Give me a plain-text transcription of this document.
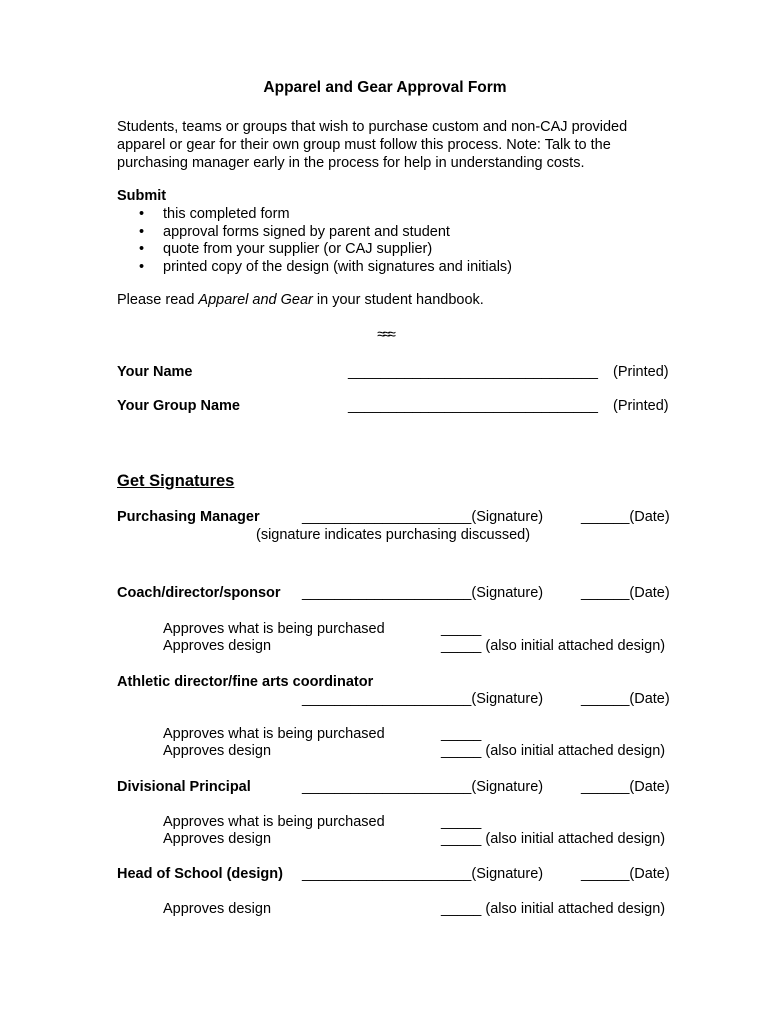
Apparel and Gear Approval Form
Students, teams or groups that wish to purchase custom and non-CAJ provided apparel or gear for their own group must follow this process. Note: Talk to the purchasing manager early in the process for help in understanding costs.
Submit
• this completed form
• approval forms signed by parent and student
• quote from your supplier (or CAJ supplier)
• printed copy of the design (with signatures and initials)
Please read Apparel and Gear in your student handbook.
≈≈≈
Your Name	_______________________________ (Printed)
Your Group Name	_______________________________ (Printed)
Get Signatures
Purchasing Manager	_____________________(Signature)	______(Date)
(signature indicates purchasing discussed)
Coach/director/sponsor _____________________(Signature)	______(Date)
Approves what is being purchased	_____
Approves design	_____ (also initial attached design)
Athletic director/fine arts coordinator
_____________________(Signature)	______(Date)
Approves what is being purchased	_____
Approves design	_____ (also initial attached design)
Divisional Principal	_____________________(Signature)	______(Date)
Approves what is being purchased	_____
Approves design	_____ (also initial attached design)
Head of School (design) _____________________(Signature)	______(Date)
Approves design	_____ (also initial attached design)
